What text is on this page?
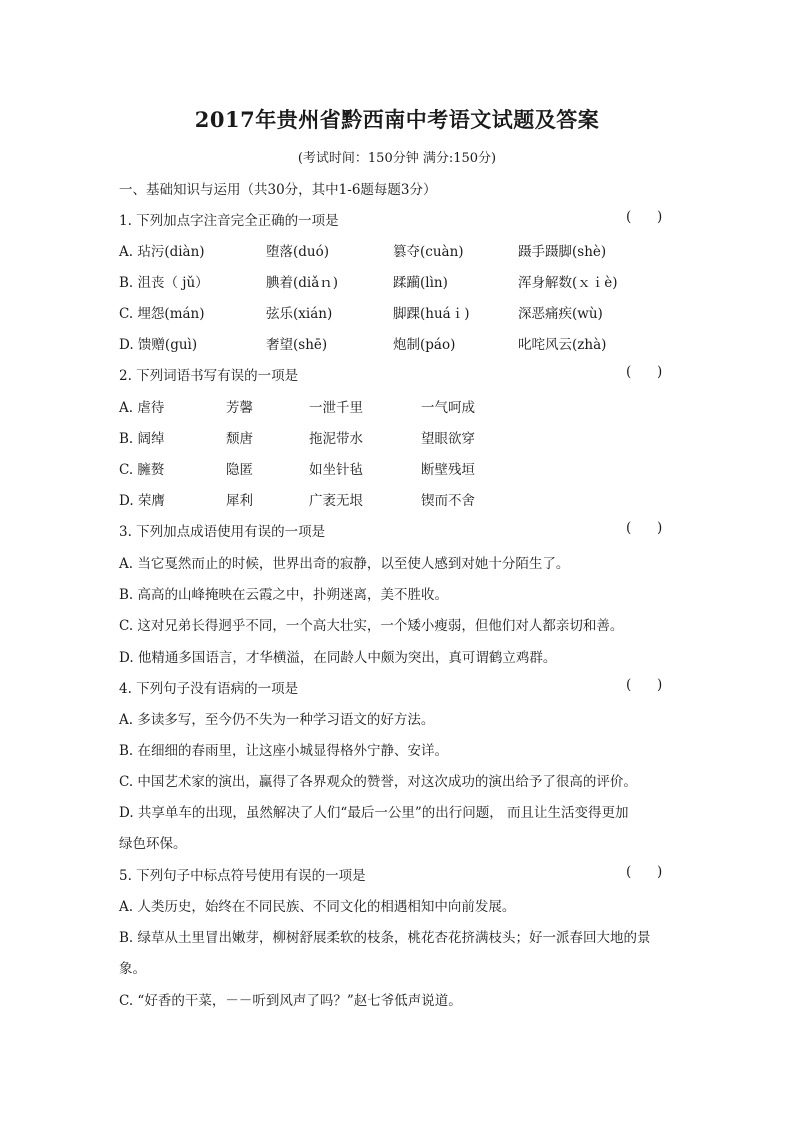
2017年贵州省黔西南中考语文试题及答案
(考试时间：150分钟 满分:150分)
一、基础知识与运用（共30分，其中1-6题每题3分）
1. 下列加点字注音完全正确的一项是	(      )
A. 玷污(diàn)	堕落(duó)	篡夺(cuàn)	蹑手蹑脚(shè)
B. 沮丧（ jǔ）	腆着(diǎｎ)	蹂躏(lìn)	浑身解数(ｘｉè)
C. 埋怨(mán)	弦乐(xián)	脚踝(huáｉ)	深恶痛疾(wù)
D. 馈赠(guì)	奢望(shē)	炮制(páo)	叱咤风云(zhà)
2. 下列词语书写有误的一项是	(      )
A. 虐待	芳馨	一泄千里	一气呵成
B. 阔绰	颓唐	拖泥带水	望眼欲穿
C. 臃赘	隐匿	如坐针毡	断壁残垣
D. 荣膺	犀利	广袤无垠	锲而不舍
3. 下列加点成语使用有误的一项是	(      )
A. 当它戛然而止的时候，世界出奇的寂静，以至使人感到对她十分陌生了。
B. 高高的山峰掩映在云霞之中，扑朔迷离，美不胜收。
C. 这对兄弟长得迥乎不同，一个高大壮实，一个矮小瘦弱，但他们对人都亲切和善。
D. 他精通多国语言，才华横溢，在同龄人中颇为突出，真可谓鹤立鸡群。
4. 下列句子没有语病的一项是	(      )
A. 多读多写，至今仍不失为一种学习语文的好方法。
B. 在细细的春雨里，让这座小城显得格外宁静、安详。
C. 中国艺术家的演出，赢得了各界观众的赞誉，对这次成功的演出给予了很高的评价。
D. 共享单车的出现，虽然解决了人们“最后一公里”的出行问题， 而且让生活变得更加
绿色环保。
5. 下列句子中标点符号使用有误的一项是	(      )
A. 人类历史，始终在不同民族、不同文化的相遇相知中向前发展。
B. 绿草从土里冒出嫩芽，柳树舒展柔软的枝条，桃花杏花挤满枝头；好一派春回大地的景
象。
C. “好香的干菜，－－听到风声了吗？”赵七爷低声说道。
